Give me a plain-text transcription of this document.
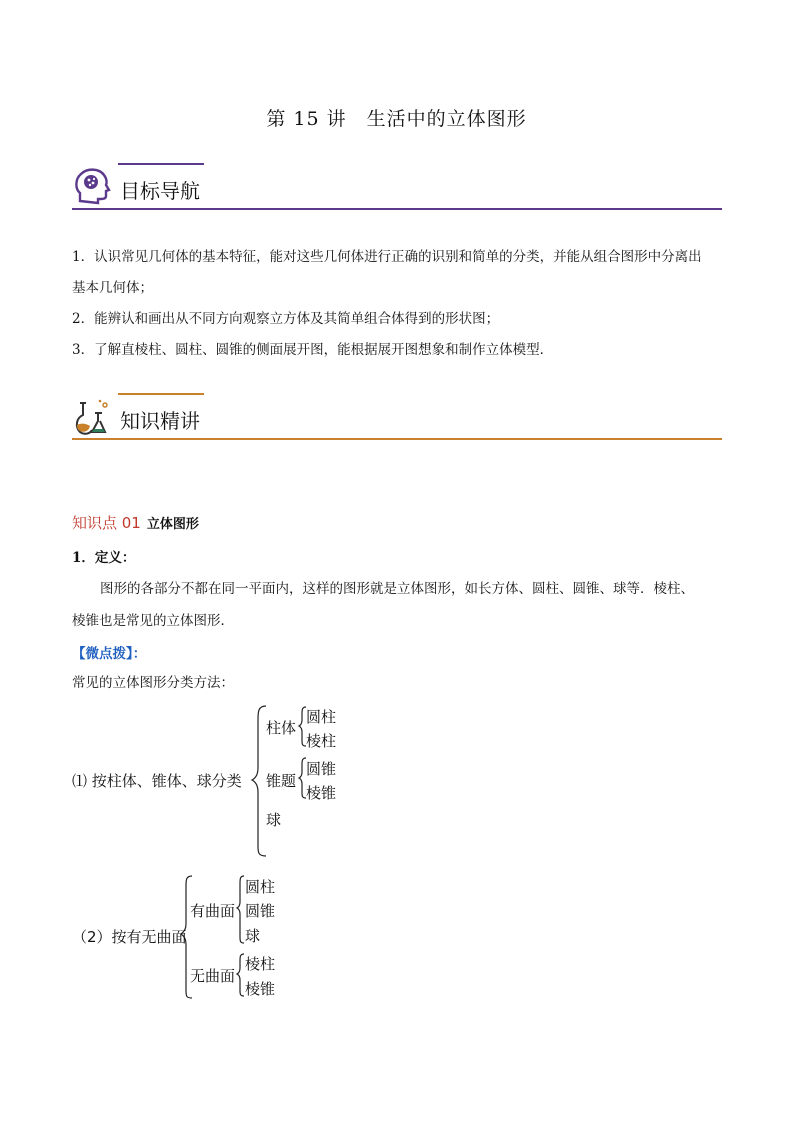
第 15 讲　生活中的立体图形
目标导航
1．认识常见几何体的基本特征，能对这些几何体进行正确的识别和简单的分类，并能从组合图形中分离出
基本几何体；
2．能辨认和画出从不同方向观察立方体及其简单组合体得到的形状图；
3．了解直棱柱、圆柱、圆锥的侧面展开图，能根据展开图想象和制作立体模型．
知识精讲
知识点 01 立体图形
1．定义：
图形的各部分不都在同一平面内，这样的图形就是立体图形，如长方体、圆柱、圆锥、球等．棱柱、
棱锥也是常见的立体图形．
【微点拨】：
常见的立体图形分类方法：
⑴ 按柱体、锥体、球分类
柱体
圆柱
棱柱
锥题
圆锥
棱锥
球
（2）按有无曲面
有曲面
圆柱
圆锥
球
无曲面
棱柱
棱锥
